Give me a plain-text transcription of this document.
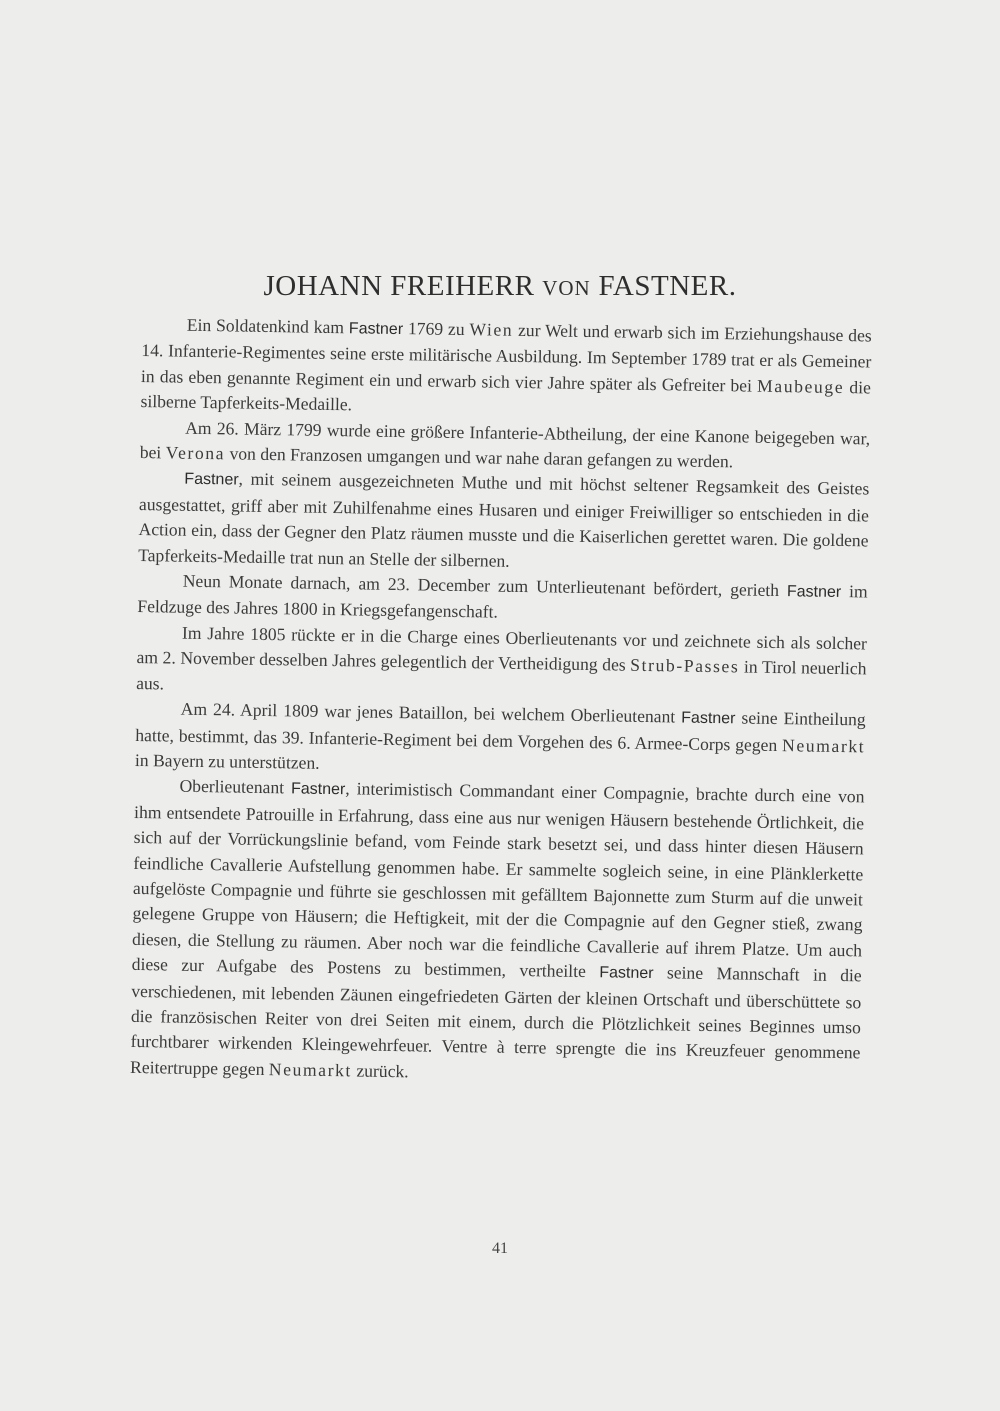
JOHANN FREIHERR VON FASTNER.

Ein Soldatenkind kam Fastner 1769 zu Wien zur Welt und erwarb sich im Erziehungshause des 14. Infanterie-Regimentes seine erste militärische Ausbildung. Im September 1789 trat er als Gemeiner in das eben genannte Regiment ein und erwarb sich vier Jahre später als Gefreiter bei Maubeuge die silberne Tapferkeits-Medaille.

Am 26. März 1799 wurde eine größere Infanterie-Abtheilung, der eine Kanone beigegeben war, bei Verona von den Franzosen umgangen und war nahe daran gefangen zu werden.

Fastner, mit seinem ausgezeichneten Muthe und mit höchst seltener Regsamkeit des Geistes ausgestattet, griff aber mit Zuhilfenahme eines Husaren und einiger Freiwilliger so entschieden in die Action ein, dass der Gegner den Platz räumen musste und die Kaiserlichen gerettet waren. Die goldene Tapferkeits-Medaille trat nun an Stelle der silbernen.

Neun Monate darnach, am 23. December zum Unterlieutenant befördert, gerieth Fastner im Feldzuge des Jahres 1800 in Kriegsgefangenschaft.

Im Jahre 1805 rückte er in die Charge eines Oberlieutenants vor und zeichnete sich als solcher am 2. November desselben Jahres gelegentlich der Vertheidigung des Strub-Passes in Tirol neuerlich aus.

Am 24. April 1809 war jenes Bataillon, bei welchem Oberlieutenant Fastner seine Eintheilung hatte, bestimmt, das 39. Infanterie-Regiment bei dem Vorgehen des 6. Armee-Corps gegen Neumarkt in Bayern zu unterstützen.

Oberlieutenant Fastner, interimistisch Commandant einer Compagnie, brachte durch eine von ihm entsendete Patrouille in Erfahrung, dass eine aus nur wenigen Häusern bestehende Örtlichkeit, die sich auf der Vorrückungslinie befand, vom Feinde stark besetzt sei, und dass hinter diesen Häusern feindliche Cavallerie Aufstellung genommen habe. Er sammelte sogleich seine, in eine Plänklerkette aufgelöste Compagnie und führte sie geschlossen mit gefälltem Bajonnette zum Sturm auf die unweit gelegene Gruppe von Häusern; die Heftigkeit, mit der die Compagnie auf den Gegner stieß, zwang diesen, die Stellung zu räumen. Aber noch war die feindliche Cavallerie auf ihrem Platze. Um auch diese zur Aufgabe des Postens zu bestimmen, vertheilte Fastner seine Mannschaft in die verschiedenen, mit lebenden Zäunen eingefriedeten Gärten der kleinen Ortschaft und überschüttete so die französischen Reiter von drei Seiten mit einem, durch die Plötzlichkeit seines Beginnes umso furchtbarer wirkenden Kleingewehrfeuer. Ventre à terre sprengte die ins Kreuzfeuer genommene Reitertruppe gegen Neumarkt zurück.

41
